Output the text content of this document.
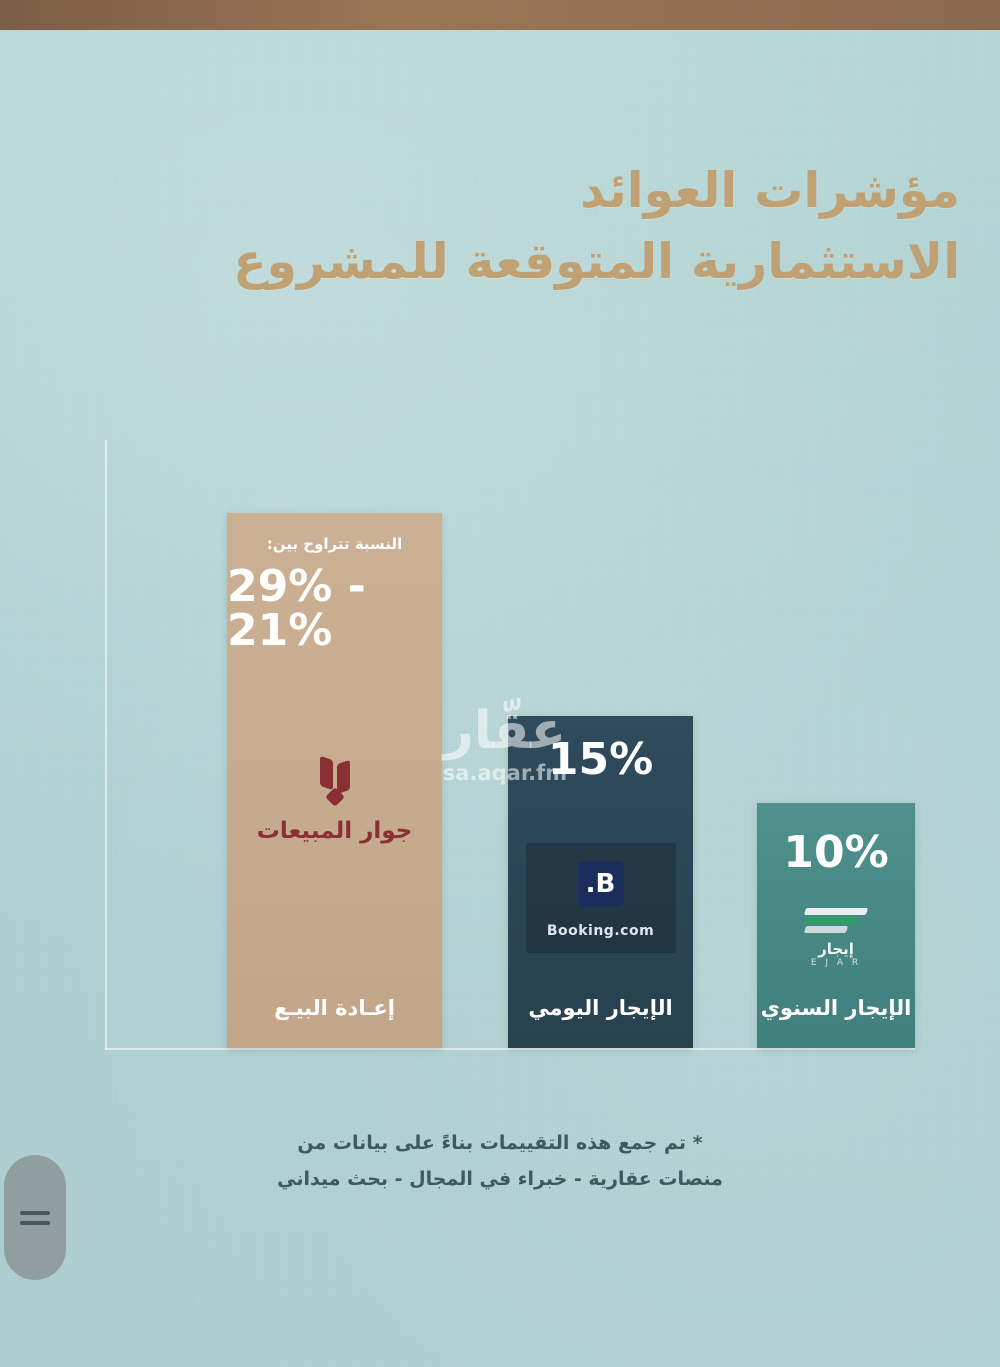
مؤشرات العوائد
الاستثمارية المتوقعة للمشروع
10%
إيجار
E J A R
الإيجار السنوي
15%
B.
Booking.com
الإيجار اليومي
النسبة تتراوح بين:
29% - 21%
جوار المبيعات
إعـادة البيـع
عقّار
sa.aqar.fm
* تم جمع هذه التقييمات بناءً على بيانات من
منصات عقارية - خبراء في المجال - بحث ميداني
